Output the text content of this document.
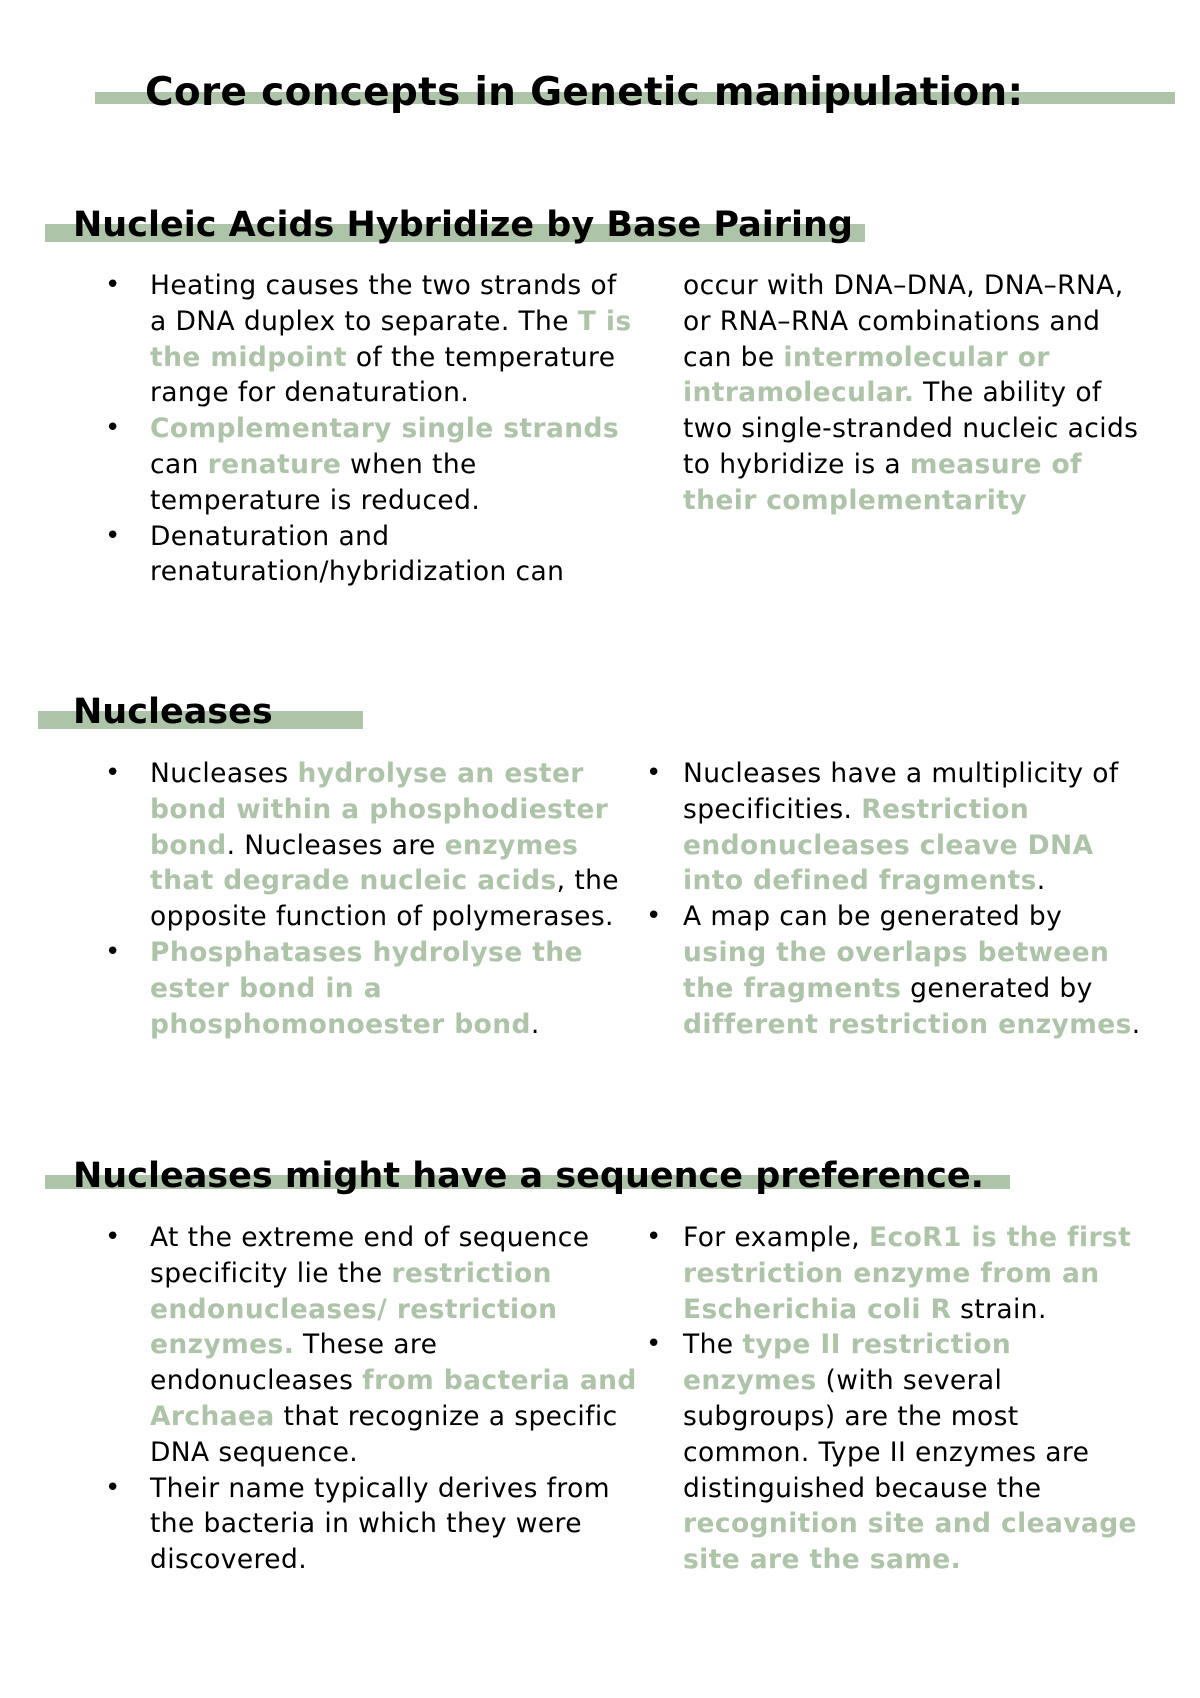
Core concepts in Genetic manipulation:
Nucleic Acids Hybridize by Base Pairing
• Heating causes the two strands of a DNA duplex to separate. The T is the midpoint of the temperature range for denaturation.
• Complementary single strands can renature when the temperature is reduced.
• Denaturation and renaturation/hybridization can
occur with DNA–DNA, DNA–RNA, or RNA–RNA combinations and can be intermolecular or intramolecular. The ability of two single-stranded nucleic acids to hybridize is a measure of their complementarity
Nucleases
• Nucleases hydrolyse an ester bond within a phosphodiester bond. Nucleases are enzymes that degrade nucleic acids, the opposite function of polymerases.
• Phosphatases hydrolyse the ester bond in a phosphomonoester bond.
• Nucleases have a multiplicity of specificities. Restriction endonucleases cleave DNA into defined fragments.
• A map can be generated by using the overlaps between the fragments generated by different restriction enzymes.
Nucleases might have a sequence preference.
• At the extreme end of sequence specificity lie the restriction endonucleases/ restriction enzymes. These are endonucleases from bacteria and Archaea that recognize a specific DNA sequence.
• Their name typically derives from the bacteria in which they were discovered.
• For example, EcoR1 is the first restriction enzyme from an Escherichia coli R strain.
• The type II restriction enzymes (with several subgroups) are the most common. Type II enzymes are distinguished because the recognition site and cleavage site are the same.
